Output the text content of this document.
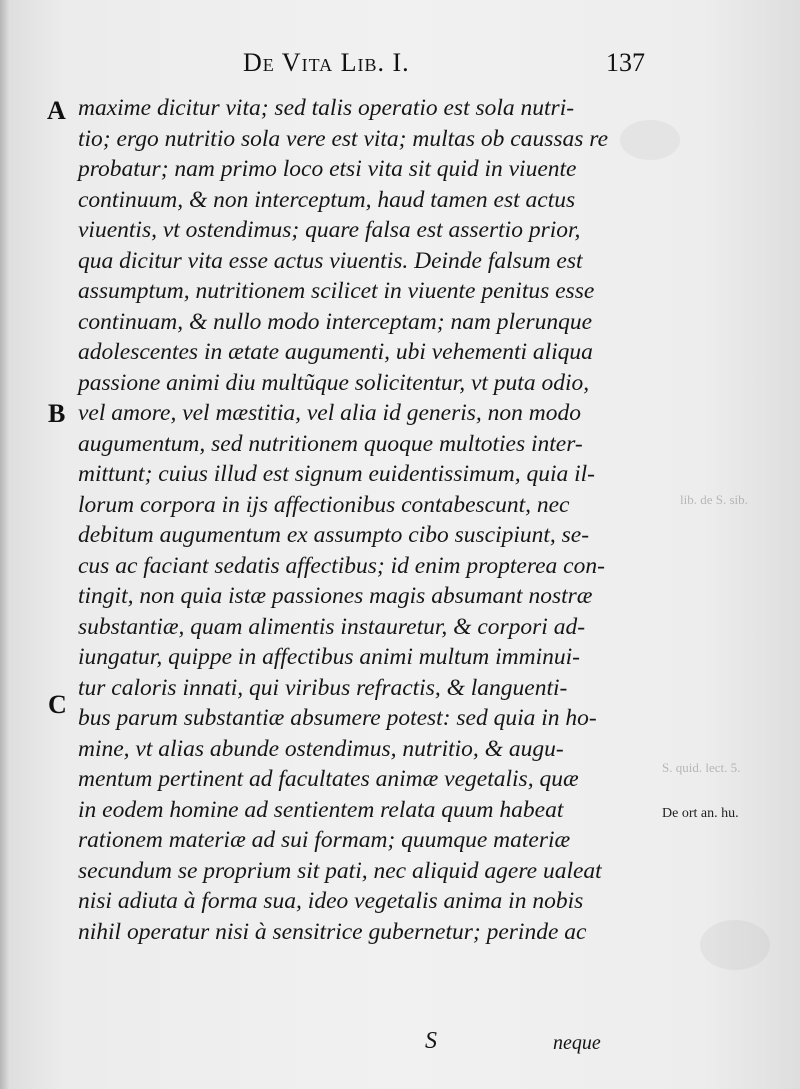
De Vita Lib. I.	137
A
B
C
maxime dicitur vita; sed talis operatio est sola nutri-
tio; ergo nutritio sola vere est vita; multas ob caussas re
probatur; nam primo loco etsi vita sit quid in viuente
continuum, & non interceptum, haud tamen est actus
viuentis, vt ostendimus; quare falsa est assertio prior,
qua dicitur vita esse actus viuentis. Deinde falsum est
assumptum, nutritionem scilicet in viuente penitus esse
continuam, & nullo modo interceptam; nam plerunque
adolescentes in ætate augumenti, ubi vehementi aliqua
passione animi diu multũque solicitentur, vt puta odio,
vel amore, vel mæstitia, vel alia id generis, non modo
augumentum, sed nutritionem quoque multoties inter-
mittunt; cuius illud est signum euidentissimum, quia il-
lorum corpora in ijs affectionibus contabescunt, nec
debitum augumentum ex assumpto cibo suscipiunt, se-
cus ac faciant sedatis affectibus; id enim propterea con-
tingit, non quia istæ passiones magis absumant nostræ
substantiæ, quam alimentis instauretur, & corpori ad-
iungatur, quippe in affectibus animi multum imminui-
tur caloris innati, qui viribus refractis, & languenti-
bus parum substantiæ absumere potest: sed quia in ho-
mine, vt alias abunde ostendimus, nutritio, & augu-
mentum pertinent ad facultates animæ vegetalis, quæ
in eodem homine ad sentientem relata quum habeat
rationem materiæ ad sui formam; quumque materiæ
secundum se proprium sit pati, nec aliquid agere ualeat
nisi adiuta à forma sua, ideo vegetalis anima in nobis
nihil operatur nisi à sensitrice gubernetur; perinde ac
lib. de S. sib.
S. quid. lect. 5.
De ort an. hu.
S	neque
